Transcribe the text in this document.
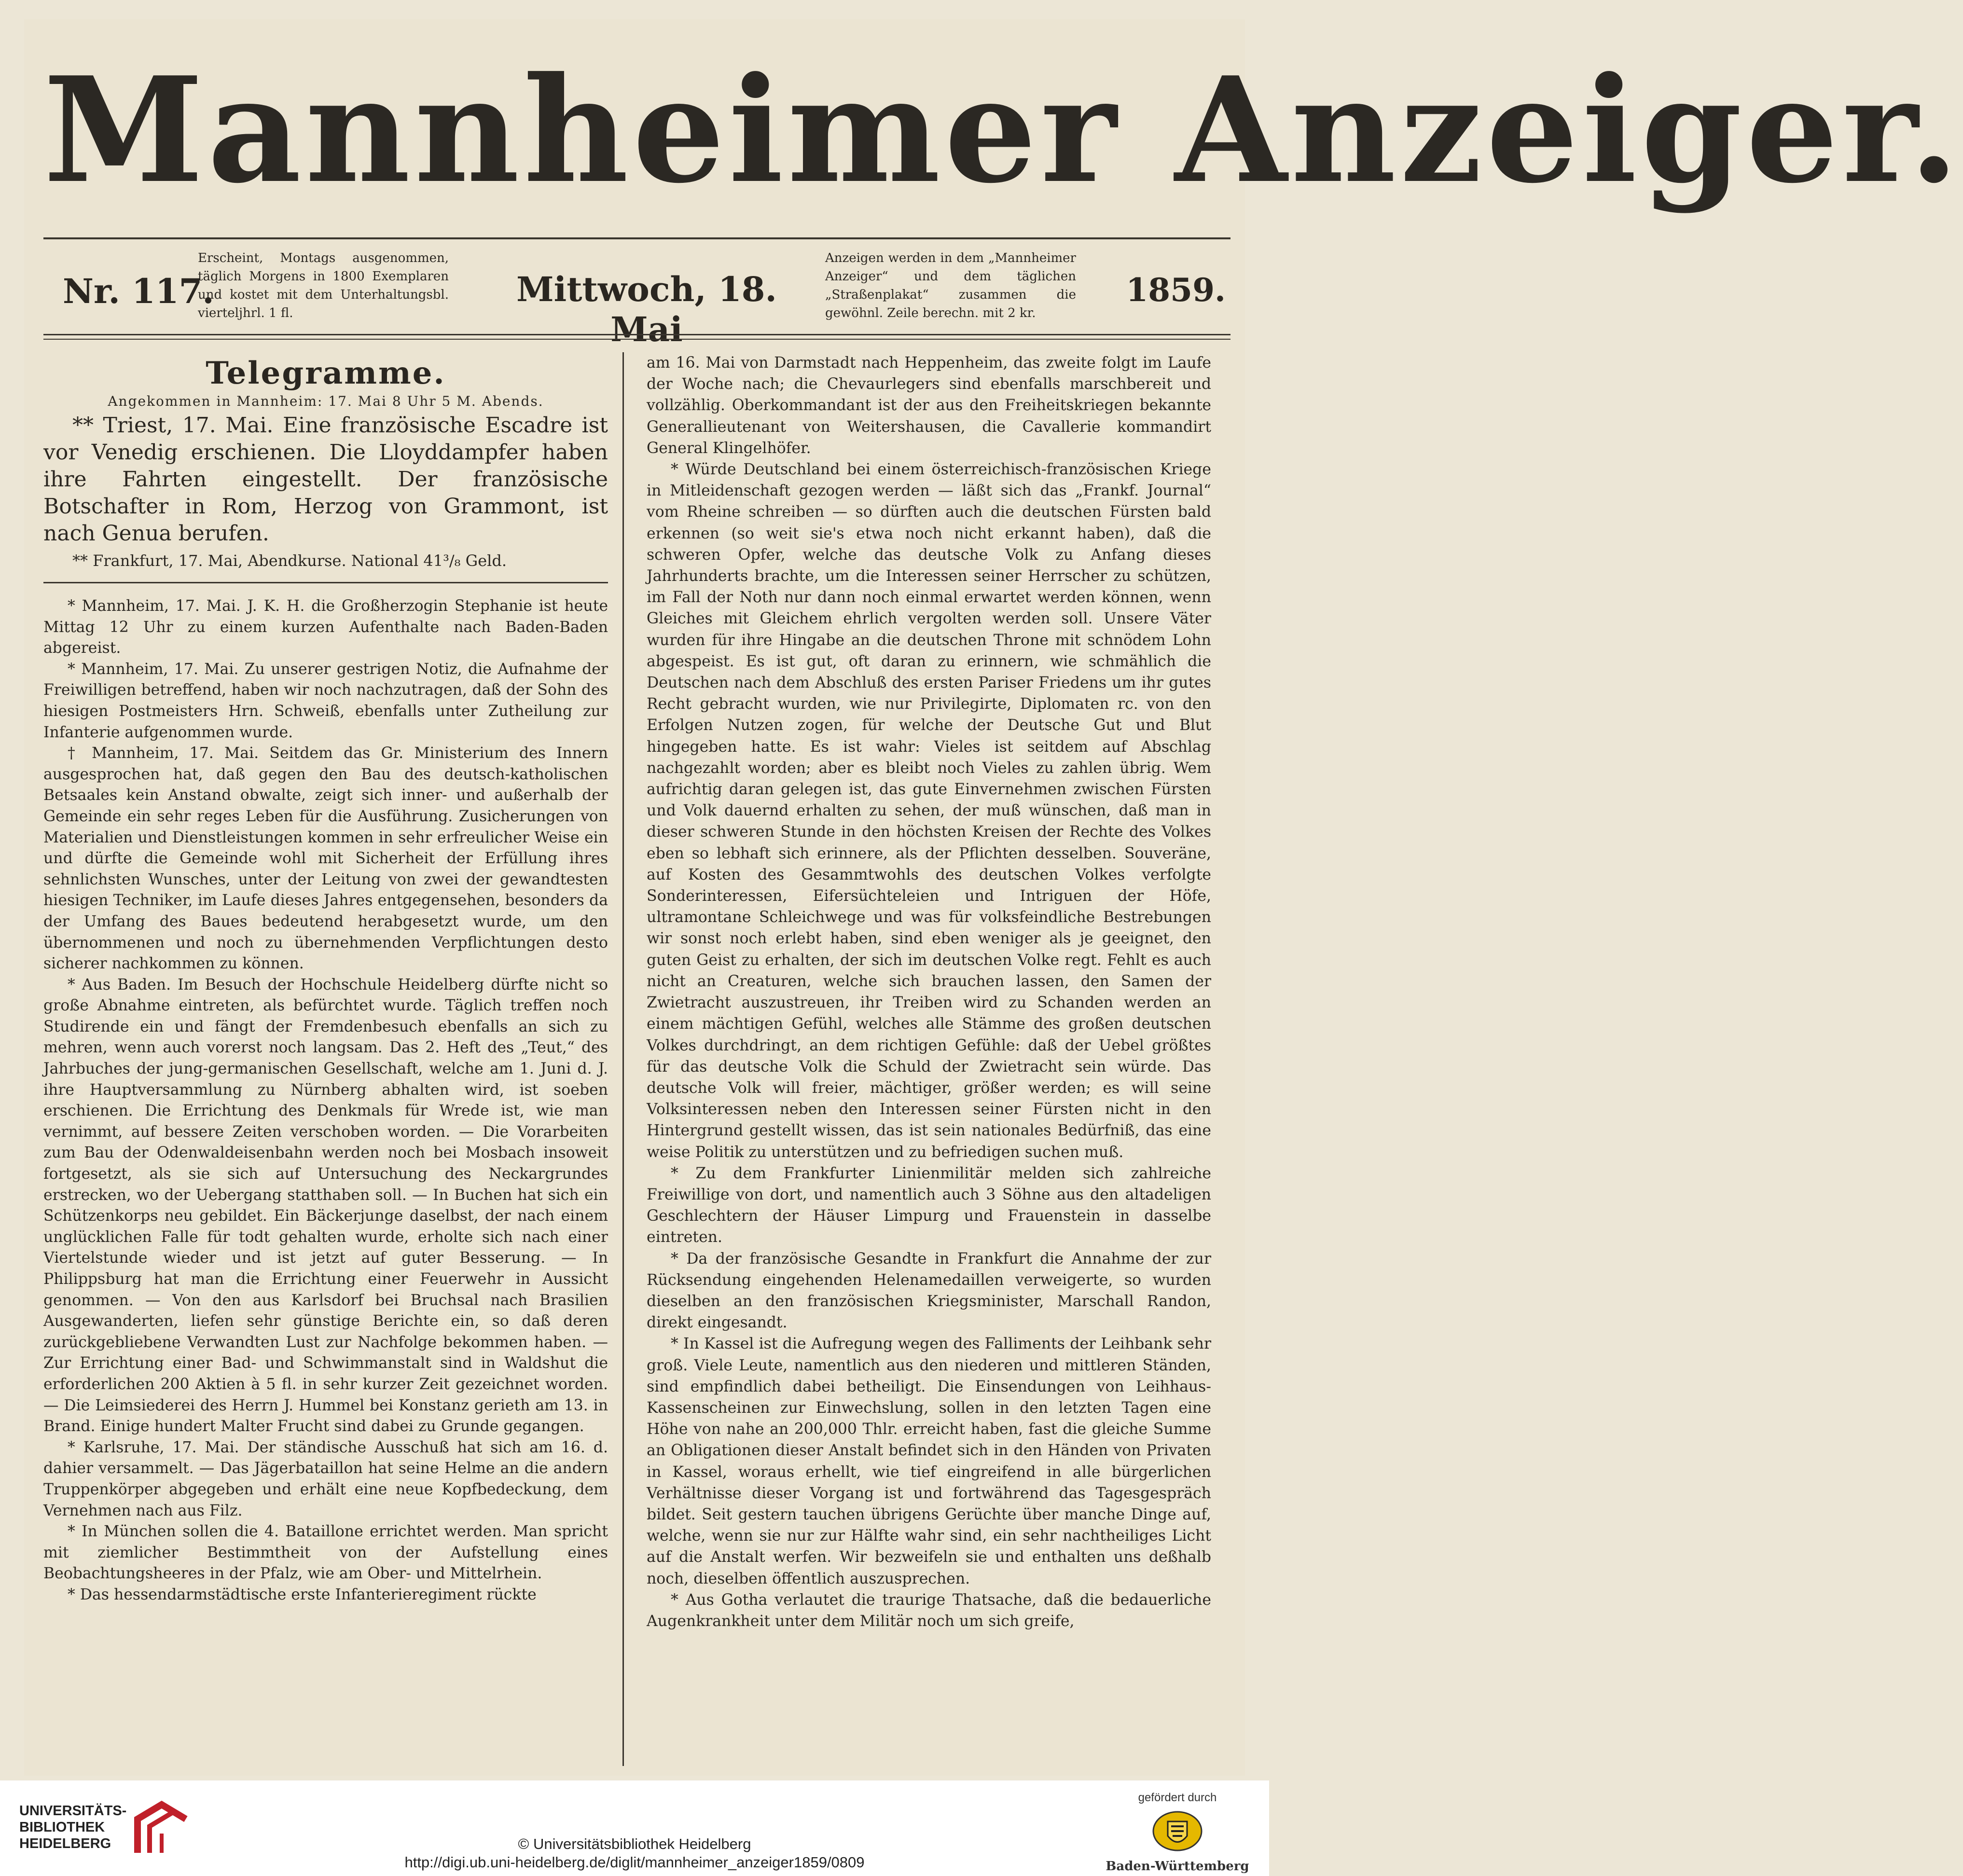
Mannheimer Anzeiger.
Nr. 117.
Erscheint, Montags ausgenommen, täglich Morgens in 1800 Exemplaren und kostet mit dem Unterhaltungsbl. vierteljhrl. 1 fl.
Mittwoch, 18. Mai
Anzeigen werden in dem „Mannheimer Anzeiger“ und dem täglichen „Straßenplakat“ zusammen die gewöhnl. Zeile berechn. mit 2 kr.
1859.
Telegramme.
Angekommen in Mannheim: 17. Mai 8 Uhr 5 M. Abends.

** Triest, 17. Mai. Eine französische Escadre ist vor Venedig erschienen. Die Lloyddampfer haben ihre Fahrten eingestellt. Der französische Botschafter in Rom, Herzog von Grammont, ist nach Genua berufen.

** Frankfurt, 17. Mai, Abendkurse. National 41³/₈ Geld.

* Mannheim, 17. Mai. J. K. H. die Großherzogin Stephanie ist heute Mittag 12 Uhr zu einem kurzen Aufenthalte nach Baden-Baden abgereist.

* Mannheim, 17. Mai. Zu unserer gestrigen Notiz, die Aufnahme der Freiwilligen betreffend, haben wir noch nachzutragen, daß der Sohn des hiesigen Postmeisters Hrn. Schweiß, ebenfalls unter Zutheilung zur Infanterie aufgenommen wurde.

† Mannheim, 17. Mai. Seitdem das Gr. Ministerium des Innern ausgesprochen hat, daß gegen den Bau des deutsch-katholischen Betsaales kein Anstand obwalte, zeigt sich inner- und außerhalb der Gemeinde ein sehr reges Leben für die Ausführung. Zusicherungen von Materialien und Dienstleistungen kommen in sehr erfreulicher Weise ein und dürfte die Gemeinde wohl mit Sicherheit der Erfüllung ihres sehnlichsten Wunsches, unter der Leitung von zwei der gewandtesten hiesigen Techniker, im Laufe dieses Jahres entgegensehen, besonders da der Umfang des Baues bedeutend herabgesetzt wurde, um den übernommenen und noch zu übernehmenden Verpflichtungen desto sicherer nachkommen zu können.

* Aus Baden. Im Besuch der Hochschule Heidelberg dürfte nicht so große Abnahme eintreten, als befürchtet wurde. Täglich treffen noch Studirende ein und fängt der Fremdenbesuch ebenfalls an sich zu mehren, wenn auch vorerst noch langsam. Das 2. Heft des „Teut,“ des Jahrbuches der jung-germanischen Gesellschaft, welche am 1. Juni d. J. ihre Hauptversammlung zu Nürnberg abhalten wird, ist soeben erschienen. Die Errichtung des Denkmals für Wrede ist, wie man vernimmt, auf bessere Zeiten verschoben worden. — Die Vorarbeiten zum Bau der Odenwaldeisenbahn werden noch bei Mosbach insoweit fortgesetzt, als sie sich auf Untersuchung des Neckargrundes erstrecken, wo der Uebergang statthaben soll. — In Buchen hat sich ein Schützenkorps neu gebildet. Ein Bäckerjunge daselbst, der nach einem unglücklichen Falle für todt gehalten wurde, erholte sich nach einer Viertelstunde wieder und ist jetzt auf guter Besserung. — In Philippsburg hat man die Errichtung einer Feuerwehr in Aussicht genommen. — Von den aus Karlsdorf bei Bruchsal nach Brasilien Ausgewanderten, liefen sehr günstige Berichte ein, so daß deren zurückgebliebene Verwandten Lust zur Nachfolge bekommen haben. — Zur Errichtung einer Bad- und Schwimmanstalt sind in Waldshut die erforderlichen 200 Aktien à 5 fl. in sehr kurzer Zeit gezeichnet worden. — Die Leimsiederei des Herrn J. Hummel bei Konstanz gerieth am 13. in Brand. Einige hundert Malter Frucht sind dabei zu Grunde gegangen.

* Karlsruhe, 17. Mai. Der ständische Ausschuß hat sich am 16. d. dahier versammelt. — Das Jägerbataillon hat seine Helme an die andern Truppenkörper abgegeben und erhält eine neue Kopfbedeckung, dem Vernehmen nach aus Filz.

* In München sollen die 4. Bataillone errichtet werden. Man spricht mit ziemlicher Bestimmtheit von der Aufstellung eines Beobachtungsheeres in der Pfalz, wie am Ober- und Mittelrhein.

* Das hessendarmstädtische erste Infanterieregiment rückte

am 16. Mai von Darmstadt nach Heppenheim, das zweite folgt im Laufe der Woche nach; die Chevaurlegers sind ebenfalls marschbereit und vollzählig. Oberkommandant ist der aus den Freiheitskriegen bekannte Generallieutenant von Weitershausen, die Cavallerie kommandirt General Klingelhöfer.

* Würde Deutschland bei einem österreichisch-französischen Kriege in Mitleidenschaft gezogen werden — läßt sich das „Frankf. Journal“ vom Rheine schreiben — so dürften auch die deutschen Fürsten bald erkennen (so weit sie's etwa noch nicht erkannt haben), daß die schweren Opfer, welche das deutsche Volk zu Anfang dieses Jahrhunderts brachte, um die Interessen seiner Herrscher zu schützen, im Fall der Noth nur dann noch einmal erwartet werden können, wenn Gleiches mit Gleichem ehrlich vergolten werden soll. Unsere Väter wurden für ihre Hingabe an die deutschen Throne mit schnödem Lohn abgespeist. Es ist gut, oft daran zu erinnern, wie schmählich die Deutschen nach dem Abschluß des ersten Pariser Friedens um ihr gutes Recht gebracht wurden, wie nur Privilegirte, Diplomaten rc. von den Erfolgen Nutzen zogen, für welche der Deutsche Gut und Blut hingegeben hatte. Es ist wahr: Vieles ist seitdem auf Abschlag nachgezahlt worden; aber es bleibt noch Vieles zu zahlen übrig. Wem aufrichtig daran gelegen ist, das gute Einvernehmen zwischen Fürsten und Volk dauernd erhalten zu sehen, der muß wünschen, daß man in dieser schweren Stunde in den höchsten Kreisen der Rechte des Volkes eben so lebhaft sich erinnere, als der Pflichten desselben. Souveräne, auf Kosten des Gesammtwohls des deutschen Volkes verfolgte Sonderinteressen, Eifersüchteleien und Intriguen der Höfe, ultramontane Schleichwege und was für volksfeindliche Bestrebungen wir sonst noch erlebt haben, sind eben weniger als je geeignet, den guten Geist zu erhalten, der sich im deutschen Volke regt. Fehlt es auch nicht an Creaturen, welche sich brauchen lassen, den Samen der Zwietracht auszustreuen, ihr Treiben wird zu Schanden werden an einem mächtigen Gefühl, welches alle Stämme des großen deutschen Volkes durchdringt, an dem richtigen Gefühle: daß der Uebel größtes für das deutsche Volk die Schuld der Zwietracht sein würde. Das deutsche Volk will freier, mächtiger, größer werden; es will seine Volksinteressen neben den Interessen seiner Fürsten nicht in den Hintergrund gestellt wissen, das ist sein nationales Bedürfniß, das eine weise Politik zu unterstützen und zu befriedigen suchen muß.

* Zu dem Frankfurter Linienmilitär melden sich zahlreiche Freiwillige von dort, und namentlich auch 3 Söhne aus den altadeligen Geschlechtern der Häuser Limpurg und Frauenstein in dasselbe eintreten.

* Da der französische Gesandte in Frankfurt die Annahme der zur Rücksendung eingehenden Helenamedaillen verweigerte, so wurden dieselben an den französischen Kriegsminister, Marschall Randon, direkt eingesandt.

* In Kassel ist die Aufregung wegen des Falliments der Leihbank sehr groß. Viele Leute, namentlich aus den niederen und mittleren Ständen, sind empfindlich dabei betheiligt. Die Einsendungen von Leihhaus-Kassenscheinen zur Einwechslung, sollen in den letzten Tagen eine Höhe von nahe an 200,000 Thlr. erreicht haben, fast die gleiche Summe an Obligationen dieser Anstalt befindet sich in den Händen von Privaten in Kassel, woraus erhellt, wie tief eingreifend in alle bürgerlichen Verhältnisse dieser Vorgang ist und fortwährend das Tagesgespräch bildet. Seit gestern tauchen übrigens Gerüchte über manche Dinge auf, welche, wenn sie nur zur Hälfte wahr sind, ein sehr nachtheiliges Licht auf die Anstalt werfen. Wir bezweifeln sie und enthalten uns deßhalb noch, dieselben öffentlich auszusprechen.

* Aus Gotha verlautet die traurige Thatsache, daß die bedauerliche Augenkrankheit unter dem Militär noch um sich greife,

UNIVERSITÄTS-
BIBLIOTHEK
HEIDELBERG	© Universitätsbibliothek Heidelberg
http://digi.ub.uni-heidelberg.de/diglit/mannheimer_anzeiger1859/0809
gefördert durch
Baden-Württemberg
